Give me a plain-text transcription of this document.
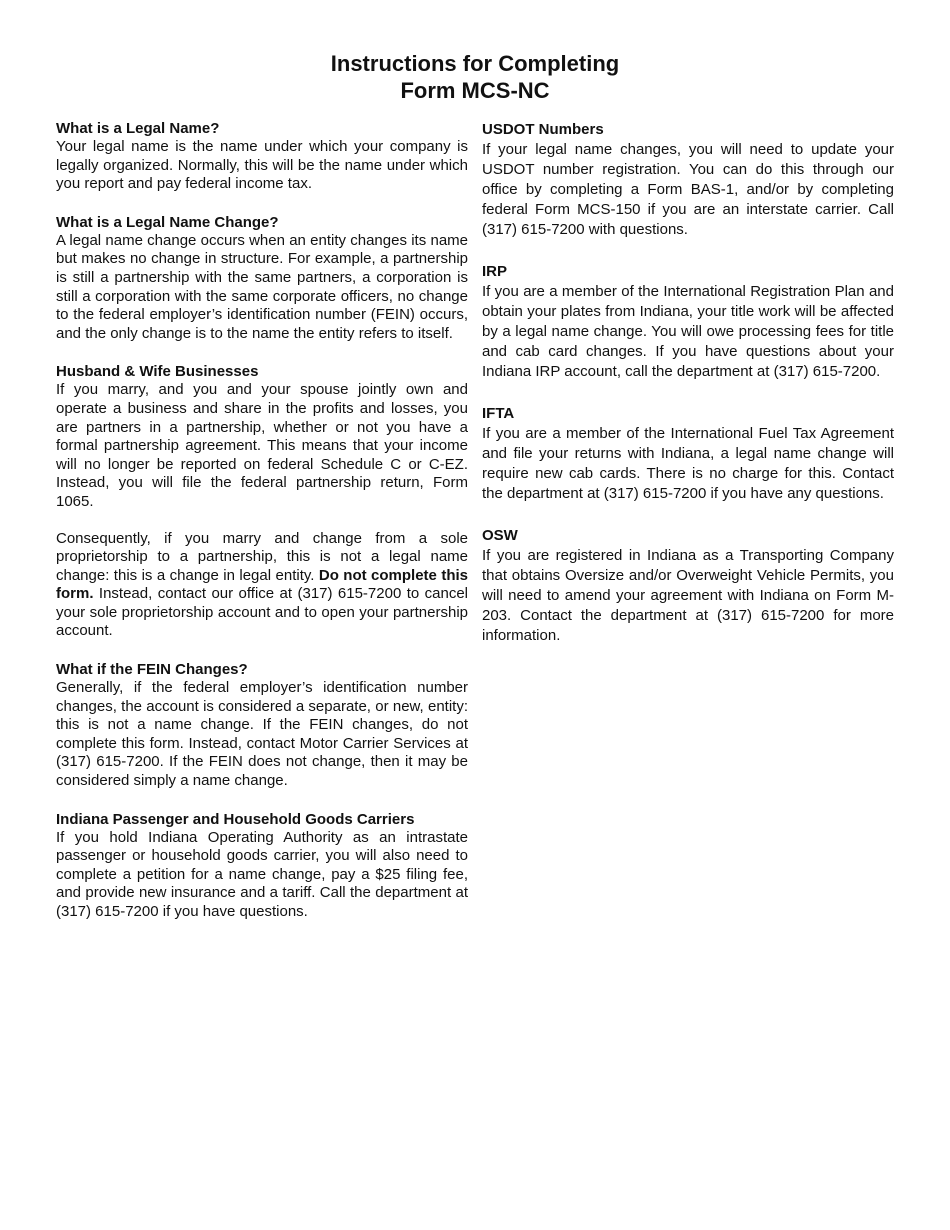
Instructions for Completing
Form MCS-NC
What is a Legal Name?

Your legal name is the name under which your company is legally organized. Normally, this will be the name under which you report and pay federal income tax.

What is a Legal Name Change?

A legal name change occurs when an entity changes its name but makes no change in structure. For example, a partnership is still a partnership with the same partners, a corporation is still a corporation with the same corporate officers, no change to the federal employer’s identification number (FEIN) occurs, and the only change is to the name the entity refers to itself.

Husband & Wife Businesses

If you marry, and you and your spouse jointly own and operate a business and share in the profits and losses, you are partners in a partnership, whether or not you have a formal partnership agreement. This means that your income will no longer be reported on federal Schedule C or C-EZ. Instead, you will file the federal partnership return, Form 1065.

Consequently, if you marry and change from a sole proprietorship to a partnership, this is not a legal name change: this is a change in legal entity. Do not complete this form. Instead, contact our office at (317) 615-7200 to cancel your sole proprietorship account and to open your partnership account.

What if the FEIN Changes?

Generally, if the federal employer’s identification number changes, the account is considered a separate, or new, entity: this is not a name change. If the FEIN changes, do not complete this form. Instead, contact Motor Carrier Services at (317) 615-7200. If the FEIN does not change, then it may be considered simply a name change.

Indiana Passenger and Household Goods Carriers

If you hold Indiana Operating Authority as an intrastate passenger or household goods carrier, you will also need to complete a petition for a name change, pay a $25 filing fee, and provide new insurance and a tariff. Call the department at (317) 615-7200 if you have questions.

USDOT Numbers

If your legal name changes, you will need to update your USDOT number registration. You can do this through our office by completing a Form BAS-1, and/or by completing federal Form MCS-150 if you are an interstate carrier. Call (317) 615-7200 with questions.

IRP

If you are a member of the International Registration Plan and obtain your plates from Indiana, your title work will be affected by a legal name change. You will owe processing fees for title and cab card changes. If you have questions about your Indiana IRP account, call the department at (317) 615-7200.

IFTA

If you are a member of the International Fuel Tax Agreement and file your returns with Indiana, a legal name change will require new cab cards. There is no charge for this. Contact the department at (317) 615-7200 if you have any questions.

OSW

If you are registered in Indiana as a Transporting Company that obtains Oversize and/or Overweight Vehicle Permits, you will need to amend your agreement with Indiana on Form M-203. Contact the department at (317) 615-7200 for more information.
